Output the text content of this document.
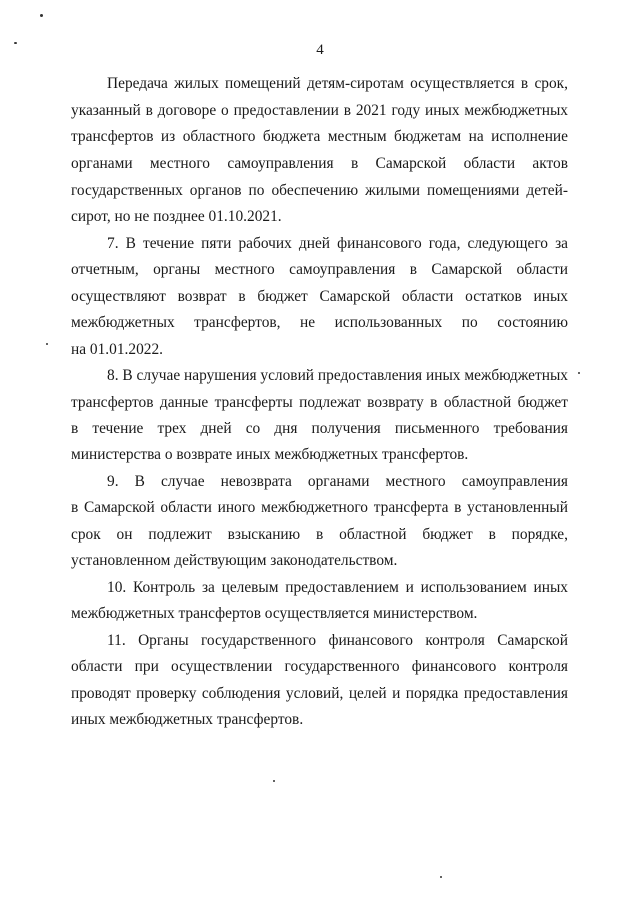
4
Передача жилых помещений детям-сиротам осуществляется в срок,
указанный в договоре о предоставлении в 2021 году иных межбюджетных
трансфертов из областного бюджета местным бюджетам на исполнение
органами местного самоуправления в Самарской области актов
государственных органов по обеспечению жилыми помещениями детей-
сирот, но не позднее 01.10.2021.
7. В течение пяти рабочих дней финансового года, следующего за
отчетным, органы местного самоуправления в Самарской области
осуществляют возврат в бюджет Самарской области остатков иных
межбюджетных трансфертов, не использованных по состоянию
на 01.01.2022.
8. В случае нарушения условий предоставления иных межбюджетных
трансфертов данные трансферты подлежат возврату в областной бюджет
в течение трех дней со дня получения письменного требования
министерства о возврате иных межбюджетных трансфертов.
9. В случае невозврата органами местного самоуправления
в Самарской области иного межбюджетного трансферта в установленный
срок он подлежит взысканию в областной бюджет в порядке,
установленном действующим законодательством.
10. Контроль за целевым предоставлением и использованием иных
межбюджетных трансфертов осуществляется министерством.
11. Органы государственного финансового контроля Самарской
области при осуществлении государственного финансового контроля
проводят проверку соблюдения условий, целей и порядка предоставления
иных межбюджетных трансфертов.
